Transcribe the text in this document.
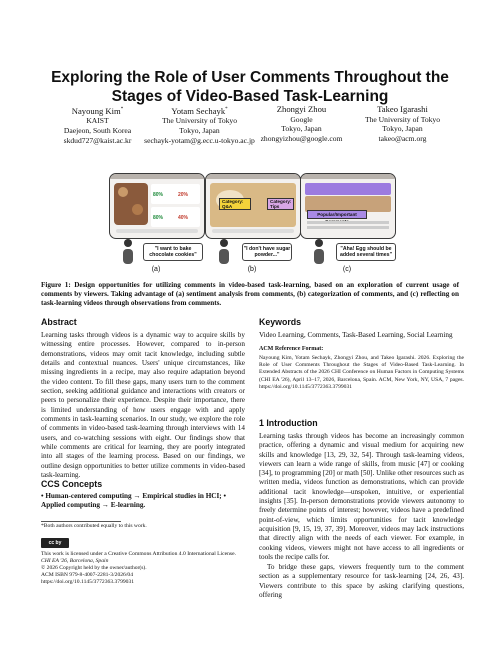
Exploring the Role of User Comments Throughout the Stages of Video-Based Task-Learning
Nayoung Kim*
KAIST
Daejeon, South Korea
skdud727@kaist.ac.kr
Yotam Sechayk*
The University of Tokyo
Tokyo, Japan
sechayk-yotam@g.ecc.u-tokyo.ac.jp
Zhongyi Zhou
Google
Tokyo, Japan
zhongyizhou@google.com
Takeo Igarashi
The University of Tokyo
Tokyo, Japan
takeo@acm.org
80%	20%
80%	40%
Category: Q&A
Category: Tips
Popular/Important
"I want to bake chocolate cookies"
"I don't have sugar powder..."
"Aha! Egg should be added several times"
(a)	(b)	(c)
Figure 1: Design opportunities for utilizing comments in video-based task-learning, based on an exploration of current usage of comments by viewers. Taking advantage of (a) sentiment analysis from comments, (b) categorization of comments, and (c) reflecting on task-learning videos through observations from comments.
Abstract
Learning tasks through videos is a dynamic way to acquire skills by witnessing entire processes. However, compared to in-person demonstrations, videos may omit tacit knowledge, including subtle details and contextual nuances. Users' unique circumstances, like missing ingredients in a recipe, may also require adaptation beyond the video content. To fill these gaps, many users turn to the comment section, seeking additional guidance and interactions with creators or peers to personalize their experience. Despite their importance, there is limited understanding of how users engage with and apply comments in task-learning scenarios. In our study, we explore the role of comments in video-based task-learning through interviews with 14 users, and co-watching sessions with eight. Our findings show that while comments are critical for learning, they are poorly integrated into all stages of the learning process. Based on our findings, we outline design opportunities to better utilize comments in video-based task-learning.
CCS Concepts
• Human-centered computing → Empirical studies in HCI; •
Applied computing → E-learning.
*Both authors contributed equally to this work.
cc by
This work is licensed under a Creative Commons Attribution 4.0 International License.
CHI EA '26, Barcelona, Spain
© 2026 Copyright held by the owner/author(s).
ACM ISBN 979-8-4007-2281-3/2026/04
https://doi.org/10.1145/3772363.3799031
Keywords
Video Learning, Comments, Task-Based Learning, Social Learning
ACM Reference Format:
Nayoung Kim, Yotam Sechayk, Zhongyi Zhou, and Takeo Igarashi. 2026. Exploring the Role of User Comments Throughout the Stages of Video-Based Task-Learning. In Extended Abstracts of the 2026 CHI Conference on Human Factors in Computing Systems (CHI EA '26), April 13–17, 2026, Barcelona, Spain. ACM, New York, NY, USA, 7 pages. https://doi.org/10.1145/3772363.3799031
1 Introduction
Learning tasks through videos has become an increasingly common practice, offering a dynamic and visual medium for acquiring new skills and knowledge [13, 29, 32, 54]. Through task-learning videos, viewers can learn a wide range of skills, from music [47] or cooking [34], to programming [20] or math [50]. Unlike other resources such as written media, videos function as demonstrations, which can provide additional tacit knowledge—unspoken, intuitive, or experiential insights [35]. In-person demonstrations provide viewers autonomy to freely determine points of interest; however, videos have a predefined point-of-view, which limits opportunities for tacit knowledge acquisition [9, 15, 19, 37, 39]. Moreover, videos may lack instructions that directly align with the needs of each viewer. For example, in cooking videos, viewers might not have access to all ingredients or tools the recipe calls for.
To bridge these gaps, viewers frequently turn to the comment section as a supplementary resource for task-learning [24, 26, 43]. Viewers contribute to this space by asking clarifying questions, offering
